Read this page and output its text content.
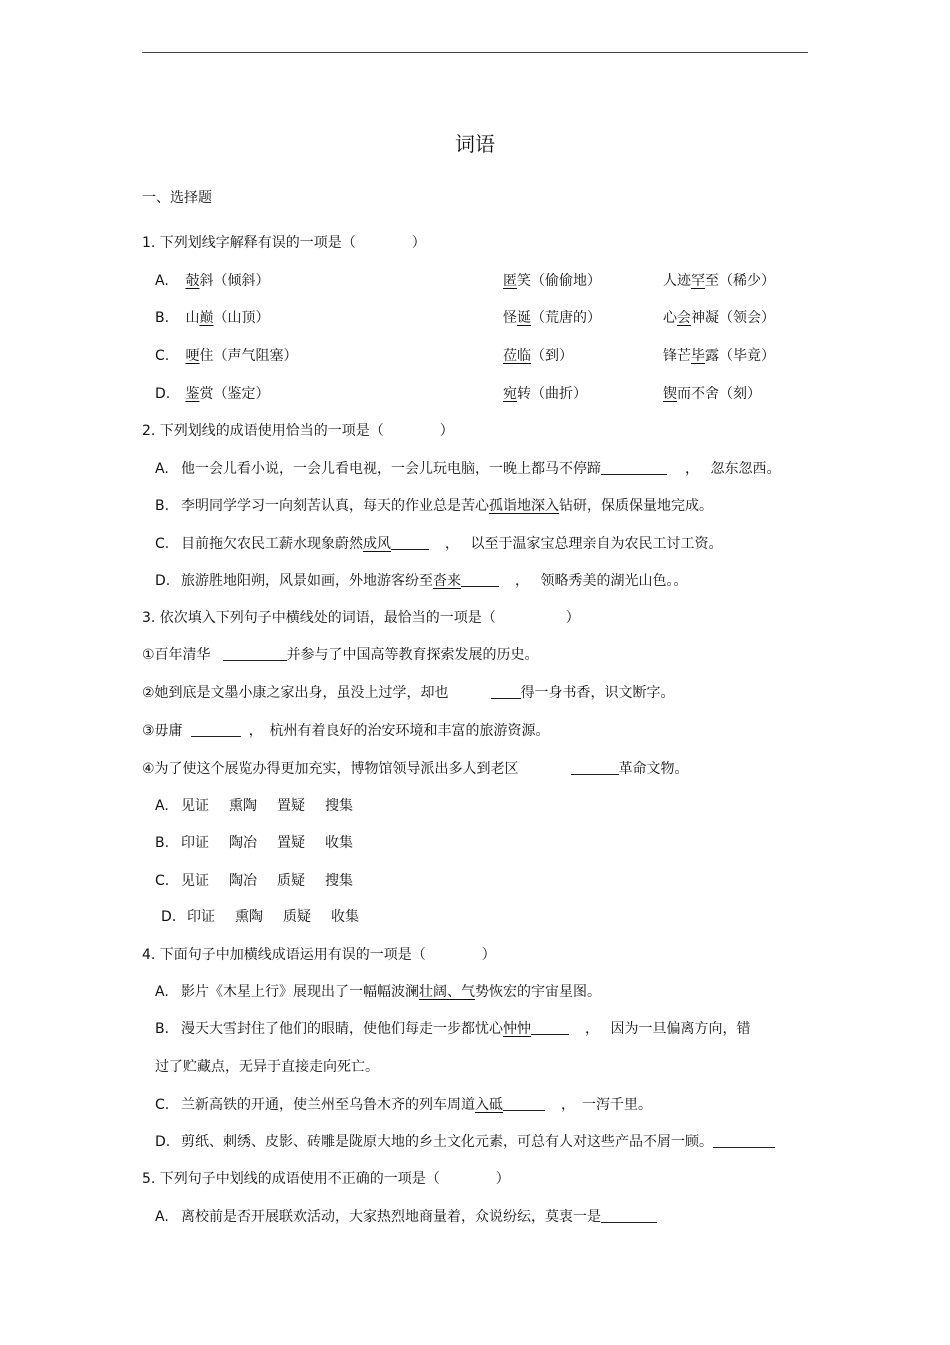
词语
一、选择题
1. 下列划线字解释有误的一项是（　　　　）
A. 攲斜（倾斜）	匿笑（偷偷地）	人迹罕至（稀少）
B. 山巅（山顶）	怪诞（荒唐的）	心会神凝（领会）
C. 哽住（声气阻塞）	莅临（到）	锋芒毕露（毕竟）
D. 鉴赏（鉴定）	宛转（曲折）	锲而不舍（刻）
2. 下列划线的成语使用恰当的一项是（　　　　）
A. 他一会儿看小说，一会儿看电视，一会儿玩电脑，一晚上都马不停蹄	，　 忽东忽西。
B. 李明同学学习一向刻苦认真，每天的作业总是苦心孤诣地深入钻研，保质保量地完成。
C. 目前拖欠农民工薪水现象蔚然成风	，　 以至于温家宝总理亲自为农民工讨工资。
D. 旅游胜地阳朔，风景如画，外地游客纷至沓来	，　 领略秀美的湖光山色。。
3. 依次填入下列句子中横线处的词语，最恰当的一项是（　　　　　）
①百年清华	并参与了中国高等教育探索发展的历史。
②她到底是文墨小康之家出身，虽没上过学，却也	得一身书香，识文断字。
③毋庸	，　杭州有着良好的治安环境和丰富的旅游资源。
④为了使这个展览办得更加充实，博物馆领导派出多人到老区	革命文物。
A. 见证 熏陶 置疑 搜集
B. 印证 陶冶 置疑 收集
C. 见证 陶冶 质疑 搜集
D. 印证 熏陶 质疑 收集
4. 下面句子中加横线成语运用有误的一项是（　　　　）
A. 影片《木星上行》展现出了一幅幅波澜壮阔、气势恢宏的宇宙星图。
B. 漫天大雪封住了他们的眼睛，使他们每走一步都忧心忡忡	，　 因为一旦偏离方向，错
过了贮藏点，无异于直接走向死亡。
C. 兰新高铁的开通，使兰州至乌鲁木齐的列车周道入砥	，　一泻千里。
D. 剪纸、刺绣、皮影、砖雕是陇原大地的乡土文化元素，可总有人对这些产品不屑一顾。
5. 下列句子中划线的成语使用不正确的一项是（　　　　）
A. 离校前是否开展联欢活动，大家热烈地商量着，众说纷纭，莫衷一是
